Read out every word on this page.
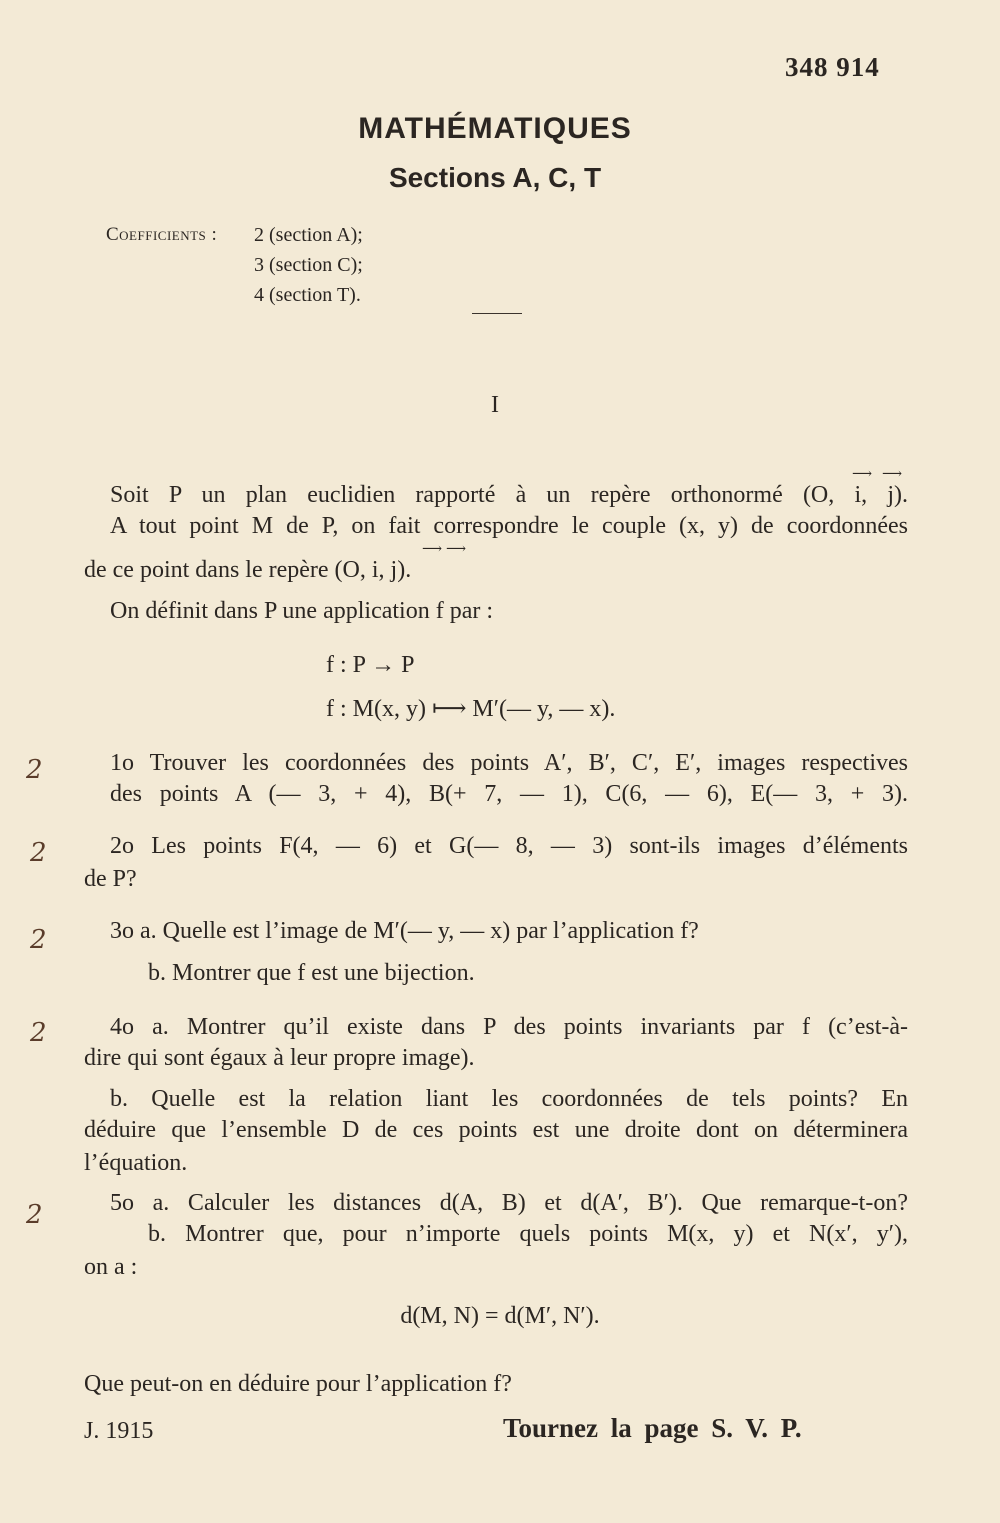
348 914
MATHÉMATIQUES
Sections A, C, T
Coefficients : 2 (section A);
3 (section C);
4 (section T).
I
⟶ ⟶
⟶ ⟶
Soit P un plan euclidien rapporté à un repère orthonormé (O, i, j).
A tout point M de P, on fait correspondre le couple (x, y) de coordonnées
de ce point dans le repère (O, i, j).
On définit dans P une application f par :
f : P → P
f : M(x, y) ⟼ M′(— y, — x).
1o Trouver les coordonnées des points A′, B′, C′, E′, images respectives
des points A (— 3, + 4), B(+ 7, — 1), C(6, — 6), E(— 3, + 3).
2o Les points F(4, — 6) et G(— 8, — 3) sont-ils images d’éléments
de P?
3o a. Quelle est l’image de M′(— y, — x) par l’application f?
b. Montrer que f est une bijection.
4o a. Montrer qu’il existe dans P des points invariants par f (c’est-à-
dire qui sont égaux à leur propre image).
b. Quelle est la relation liant les coordonnées de tels points? En
déduire que l’ensemble D de ces points est une droite dont on déterminera
l’équation.
5o a. Calculer les distances d(A, B) et d(A′, B′). Que remarque-t-on?
b. Montrer que, pour n’importe quels points M(x, y) et N(x′, y′),
on a :
d(M, N) = d(M′, N′).
Que peut-on en déduire pour l’application f?
2
2
2
2
2
J. 1915	Tournez la page S. V. P.
